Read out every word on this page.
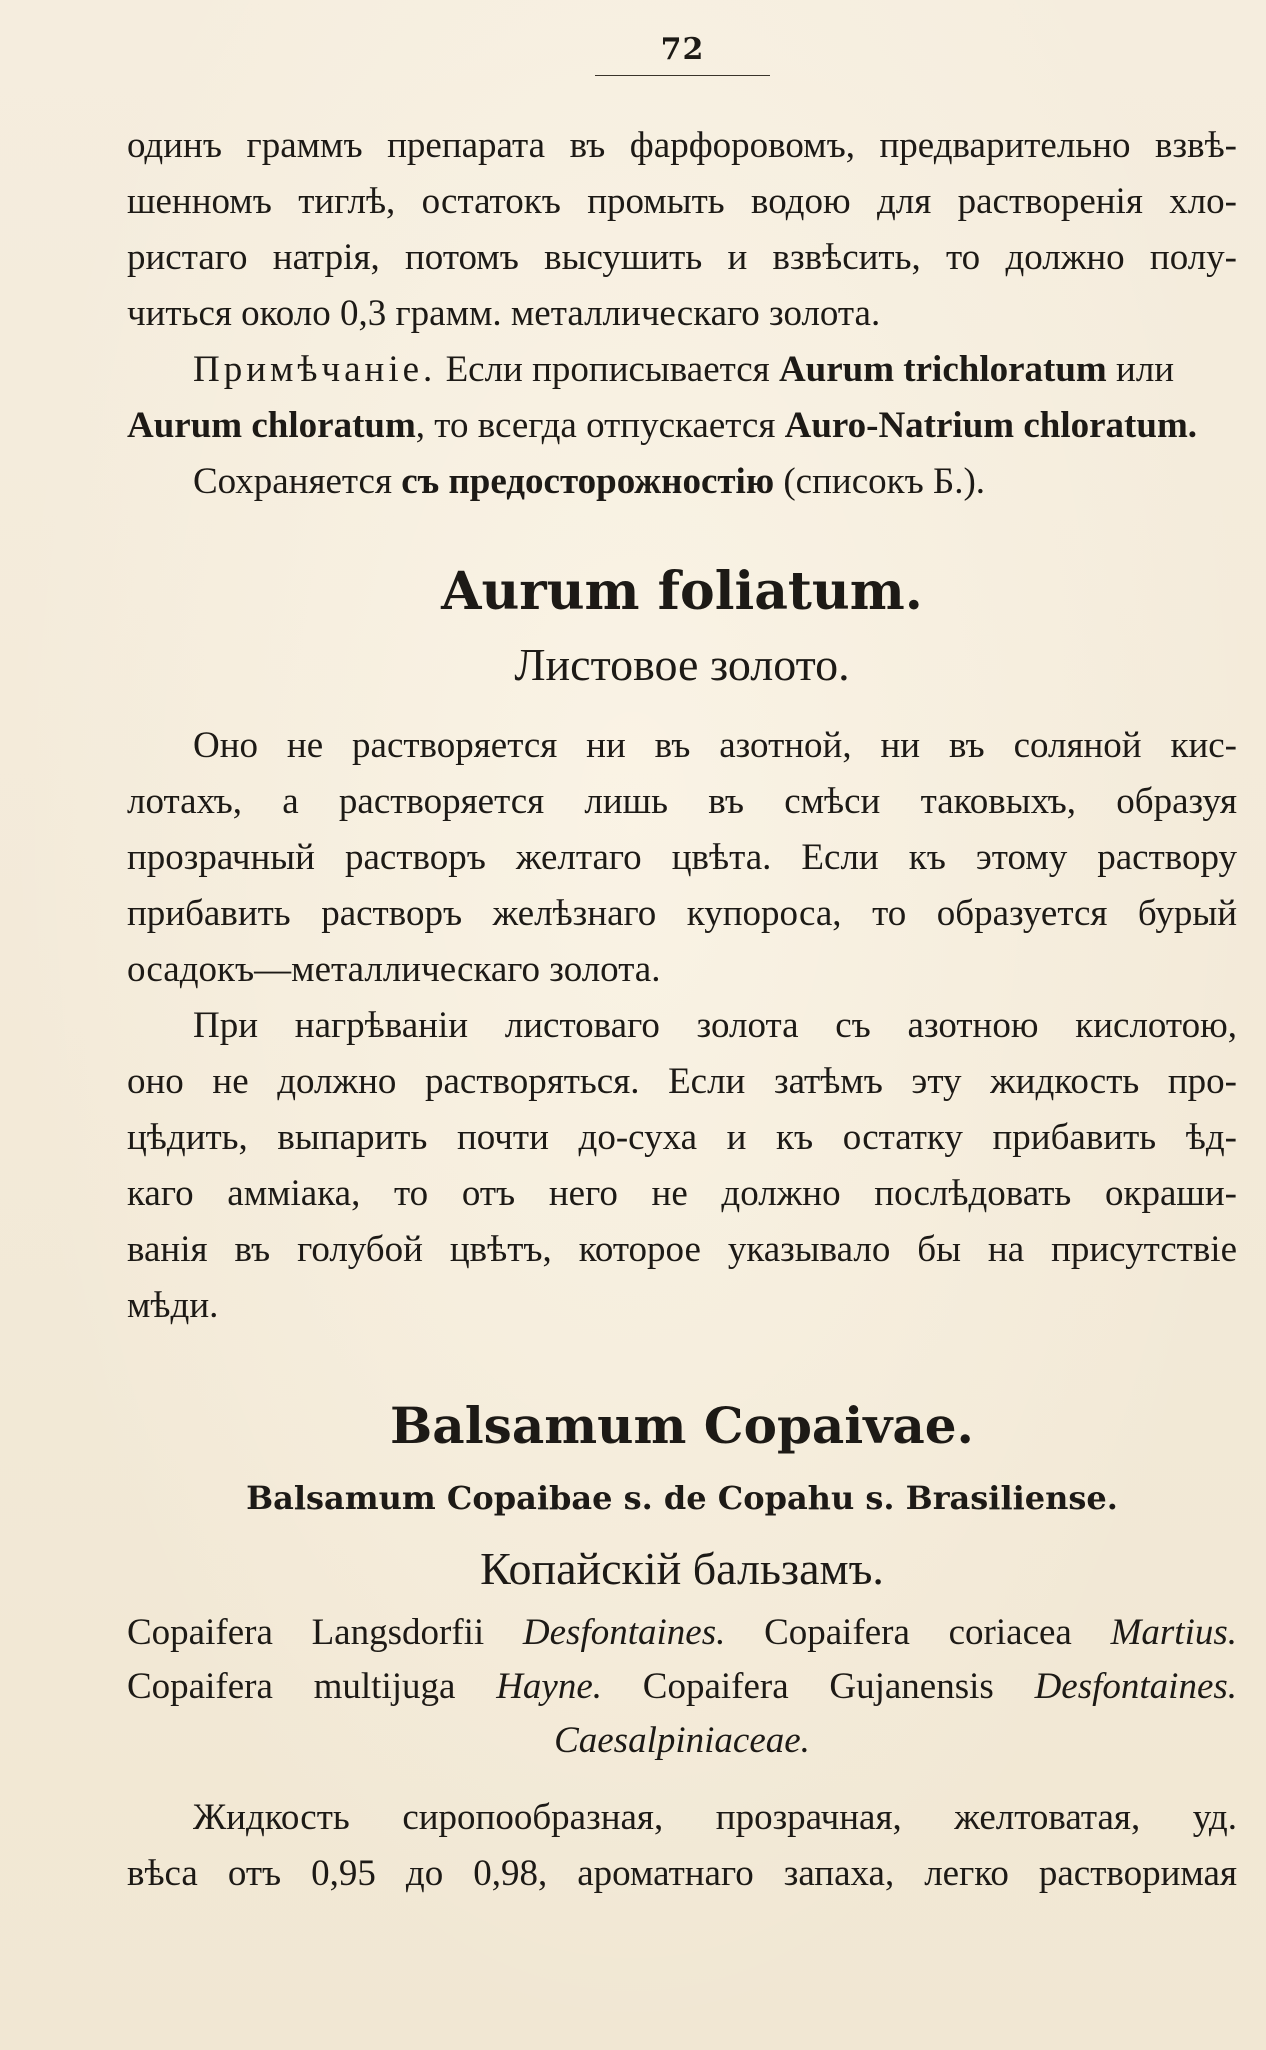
72
одинъ граммъ препарата въ фарфоровомъ, предварительно взвѣ-
шенномъ тиглѣ, остатокъ промыть водою для растворенія хло-
ристаго натрія, потомъ высушить и взвѣсить, то должно полу-
читься около 0,3 грамм. металлическаго золота.
Примѣчаніе. Если прописывается Aurum trichloratum или
Aurum chloratum, то всегда отпускается Auro-Natrium chloratum.
Сохраняется съ предосторожностію (списокъ Б.).
Aurum foliatum.
Листовое золото.
Оно не растворяется ни въ азотной, ни въ соляной кис-
лотахъ, а растворяется лишь въ смѣси таковыхъ, образуя
прозрачный растворъ желтаго цвѣта. Если къ этому раствору
прибавить растворъ желѣзнаго купороса, то образуется бурый
осадокъ—металлическаго золота.
При нагрѣваніи листоваго золота съ азотною кислотою,
оно не должно растворяться. Если затѣмъ эту жидкость про-
цѣдить, выпарить почти до-суха и къ остатку прибавить ѣд-
каго амміака, то отъ него не должно послѣдовать окраши-
ванія въ голубой цвѣтъ, которое указывало бы на присутствіе
мѣди.
Balsamum Copaivae.
Balsamum Copaibae s. de Copahu s. Brasiliense.
Копайскій бальзамъ.
Copaifera Langsdorfii Desfontaines. Copaifera coriacea Martius.
Copaifera multijuga Hayne. Copaifera Gujanensis Desfontaines.
Caesalpiniaceae.
Жидкость сиропообразная, прозрачная, желтоватая, уд.
вѣса отъ 0,95 до 0,98, ароматнаго запаха, легко растворимая
